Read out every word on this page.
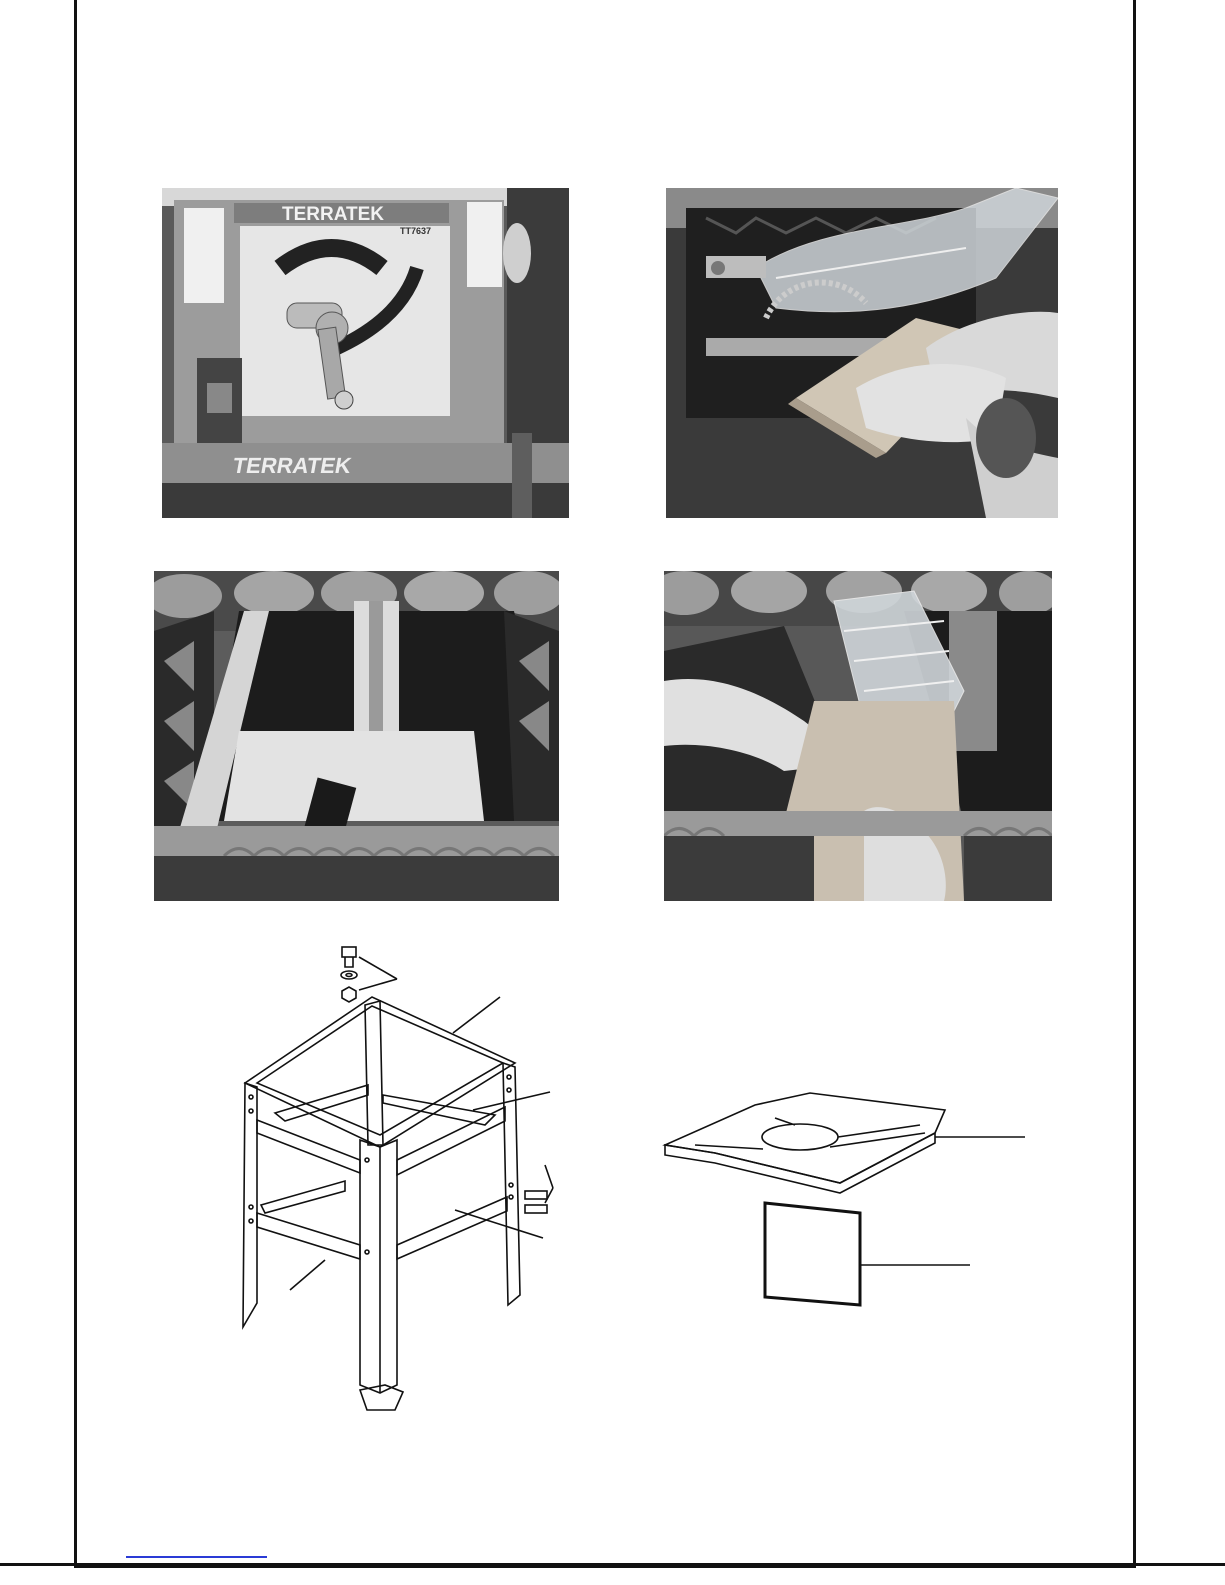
TERRATEK
TT7637
TERRATEK
